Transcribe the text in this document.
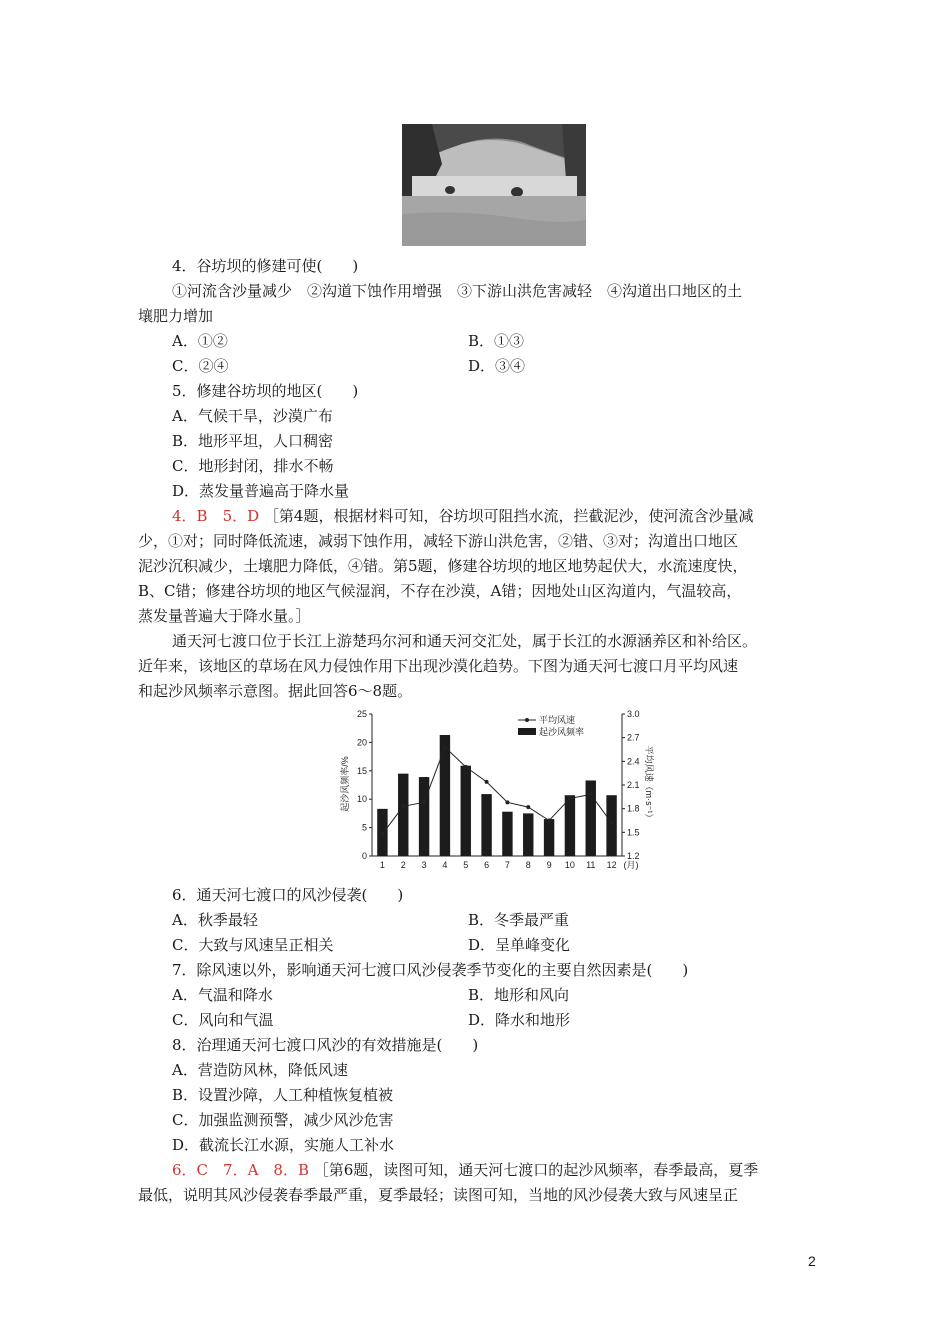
4．谷坊坝的修建可使(　　)
①河流含沙量减少　②沟道下蚀作用增强　③下游山洪危害减轻　④沟道出口地区的土
壤肥力增加
A．①②	B．①③
C．②④	D．③④
5．修建谷坊坝的地区(　　)
A．气候干旱，沙漠广布
B．地形平坦，人口稠密
C．地形封闭，排水不畅
D．蒸发量普遍高于降水量
4．B　5．D ［第4题，根据材料可知，谷坊坝可阻挡水流，拦截泥沙，使河流含沙量减
少，①对；同时降低流速，减弱下蚀作用，减轻下游山洪危害，②错、③对；沟道出口地区
泥沙沉积减少，土壤肥力降低，④错。第5题，修建谷坊坝的地区地势起伏大，水流速度快，
B、C错；修建谷坊坝的地区气候湿润，不存在沙漠，A错；因地处山区沟道内，气温较高，
蒸发量普遍大于降水量。］
通天河七渡口位于长江上游楚玛尔河和通天河交汇处，属于长江的水源涵养区和补给区。
近年来，该地区的草场在风力侵蚀作用下出现沙漠化趋势。下图为通天河七渡口月平均风速
和起沙风频率示意图。据此回答6～8题。
0
5
10
15
20
25
1.2
1.5
1.8
2.1
2.4
2.7
3.0
1 2 3 4 5 6 7 8 9 10 11 12 (月)
起沙风频率/%	平均风速（m·s⁻¹）
平均风速
起沙风频率
6．通天河七渡口的风沙侵袭(　　)
A．秋季最轻	B．冬季最严重
C．大致与风速呈正相关	D．呈单峰变化
7．除风速以外，影响通天河七渡口风沙侵袭季节变化的主要自然因素是(　　)
A．气温和降水	B．地形和风向
C．风向和气温	D．降水和地形
8．治理通天河七渡口风沙的有效措施是(　　)
A．营造防风林，降低风速
B．设置沙障，人工种植恢复植被
C．加强监测预警，减少风沙危害
D．截流长江水源，实施人工补水
6．C　7．A　8．B ［第6题，读图可知，通天河七渡口的起沙风频率，春季最高，夏季
最低，说明其风沙侵袭春季最严重，夏季最轻；读图可知，当地的风沙侵袭大致与风速呈正
2
